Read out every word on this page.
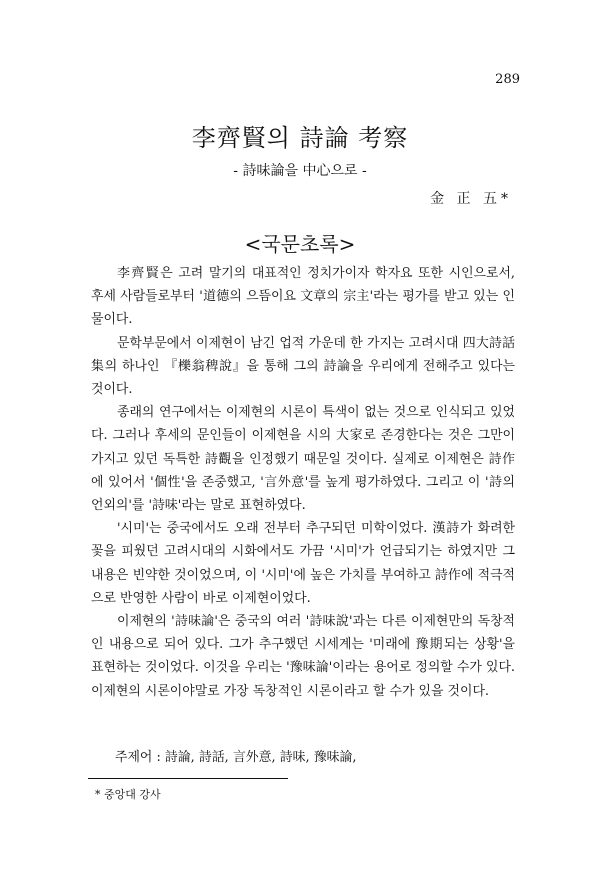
289
李齊賢의 詩論 考察
- 詩味論을 中心으로 -
金 正 五*
<국문초록>

李齊賢은 고려 말기의 대표적인 정치가이자 학자요 또한 시인으로서, 후세 사람들로부터 '道德의 으뜸이요 文章의 宗主'라는 평가를 받고 있는 인물이다.

문학부문에서 이제현이 남긴 업적 가운데 한 가지는 고려시대 四大詩話集의 하나인 『櫟翁稗說』을 통해 그의 詩論을 우리에게 전해주고 있다는 것이다.

종래의 연구에서는 이제현의 시론이 특색이 없는 것으로 인식되고 있었다. 그러나 후세의 문인들이 이제현을 시의 大家로 존경한다는 것은 그만이 가지고 있던 독특한 詩觀을 인정했기 때문일 것이다. 실제로 이제현은 詩作에 있어서 '個性'을 존중했고, '言外意'를 높게 평가하였다. 그리고 이 '詩의 언외의'를 '詩味'라는 말로 표현하였다.

'시미'는 중국에서도 오래 전부터 추구되던 미학이었다. 漢詩가 화려한 꽃을 피웠던 고려시대의 시화에서도 가끔 '시미'가 언급되기는 하였지만 그 내용은 빈약한 것이었으며, 이 '시미'에 높은 가치를 부여하고 詩作에 적극적으로 반영한 사람이 바로 이제현이었다.

이제현의 '詩味論'은 중국의 여러 '詩味說'과는 다른 이제현만의 독창적인 내용으로 되어 있다. 그가 추구했던 시세계는 '미래에 豫期되는 상황'을 표현하는 것이었다. 이것을 우리는 '豫味論'이라는 용어로 정의할 수가 있다. 이제현의 시론이야말로 가장 독창적인 시론이라고 할 수가 있을 것이다.

주제어 : 詩論, 詩話, 言外意, 詩味, 豫味論,
* 중앙대 강사
